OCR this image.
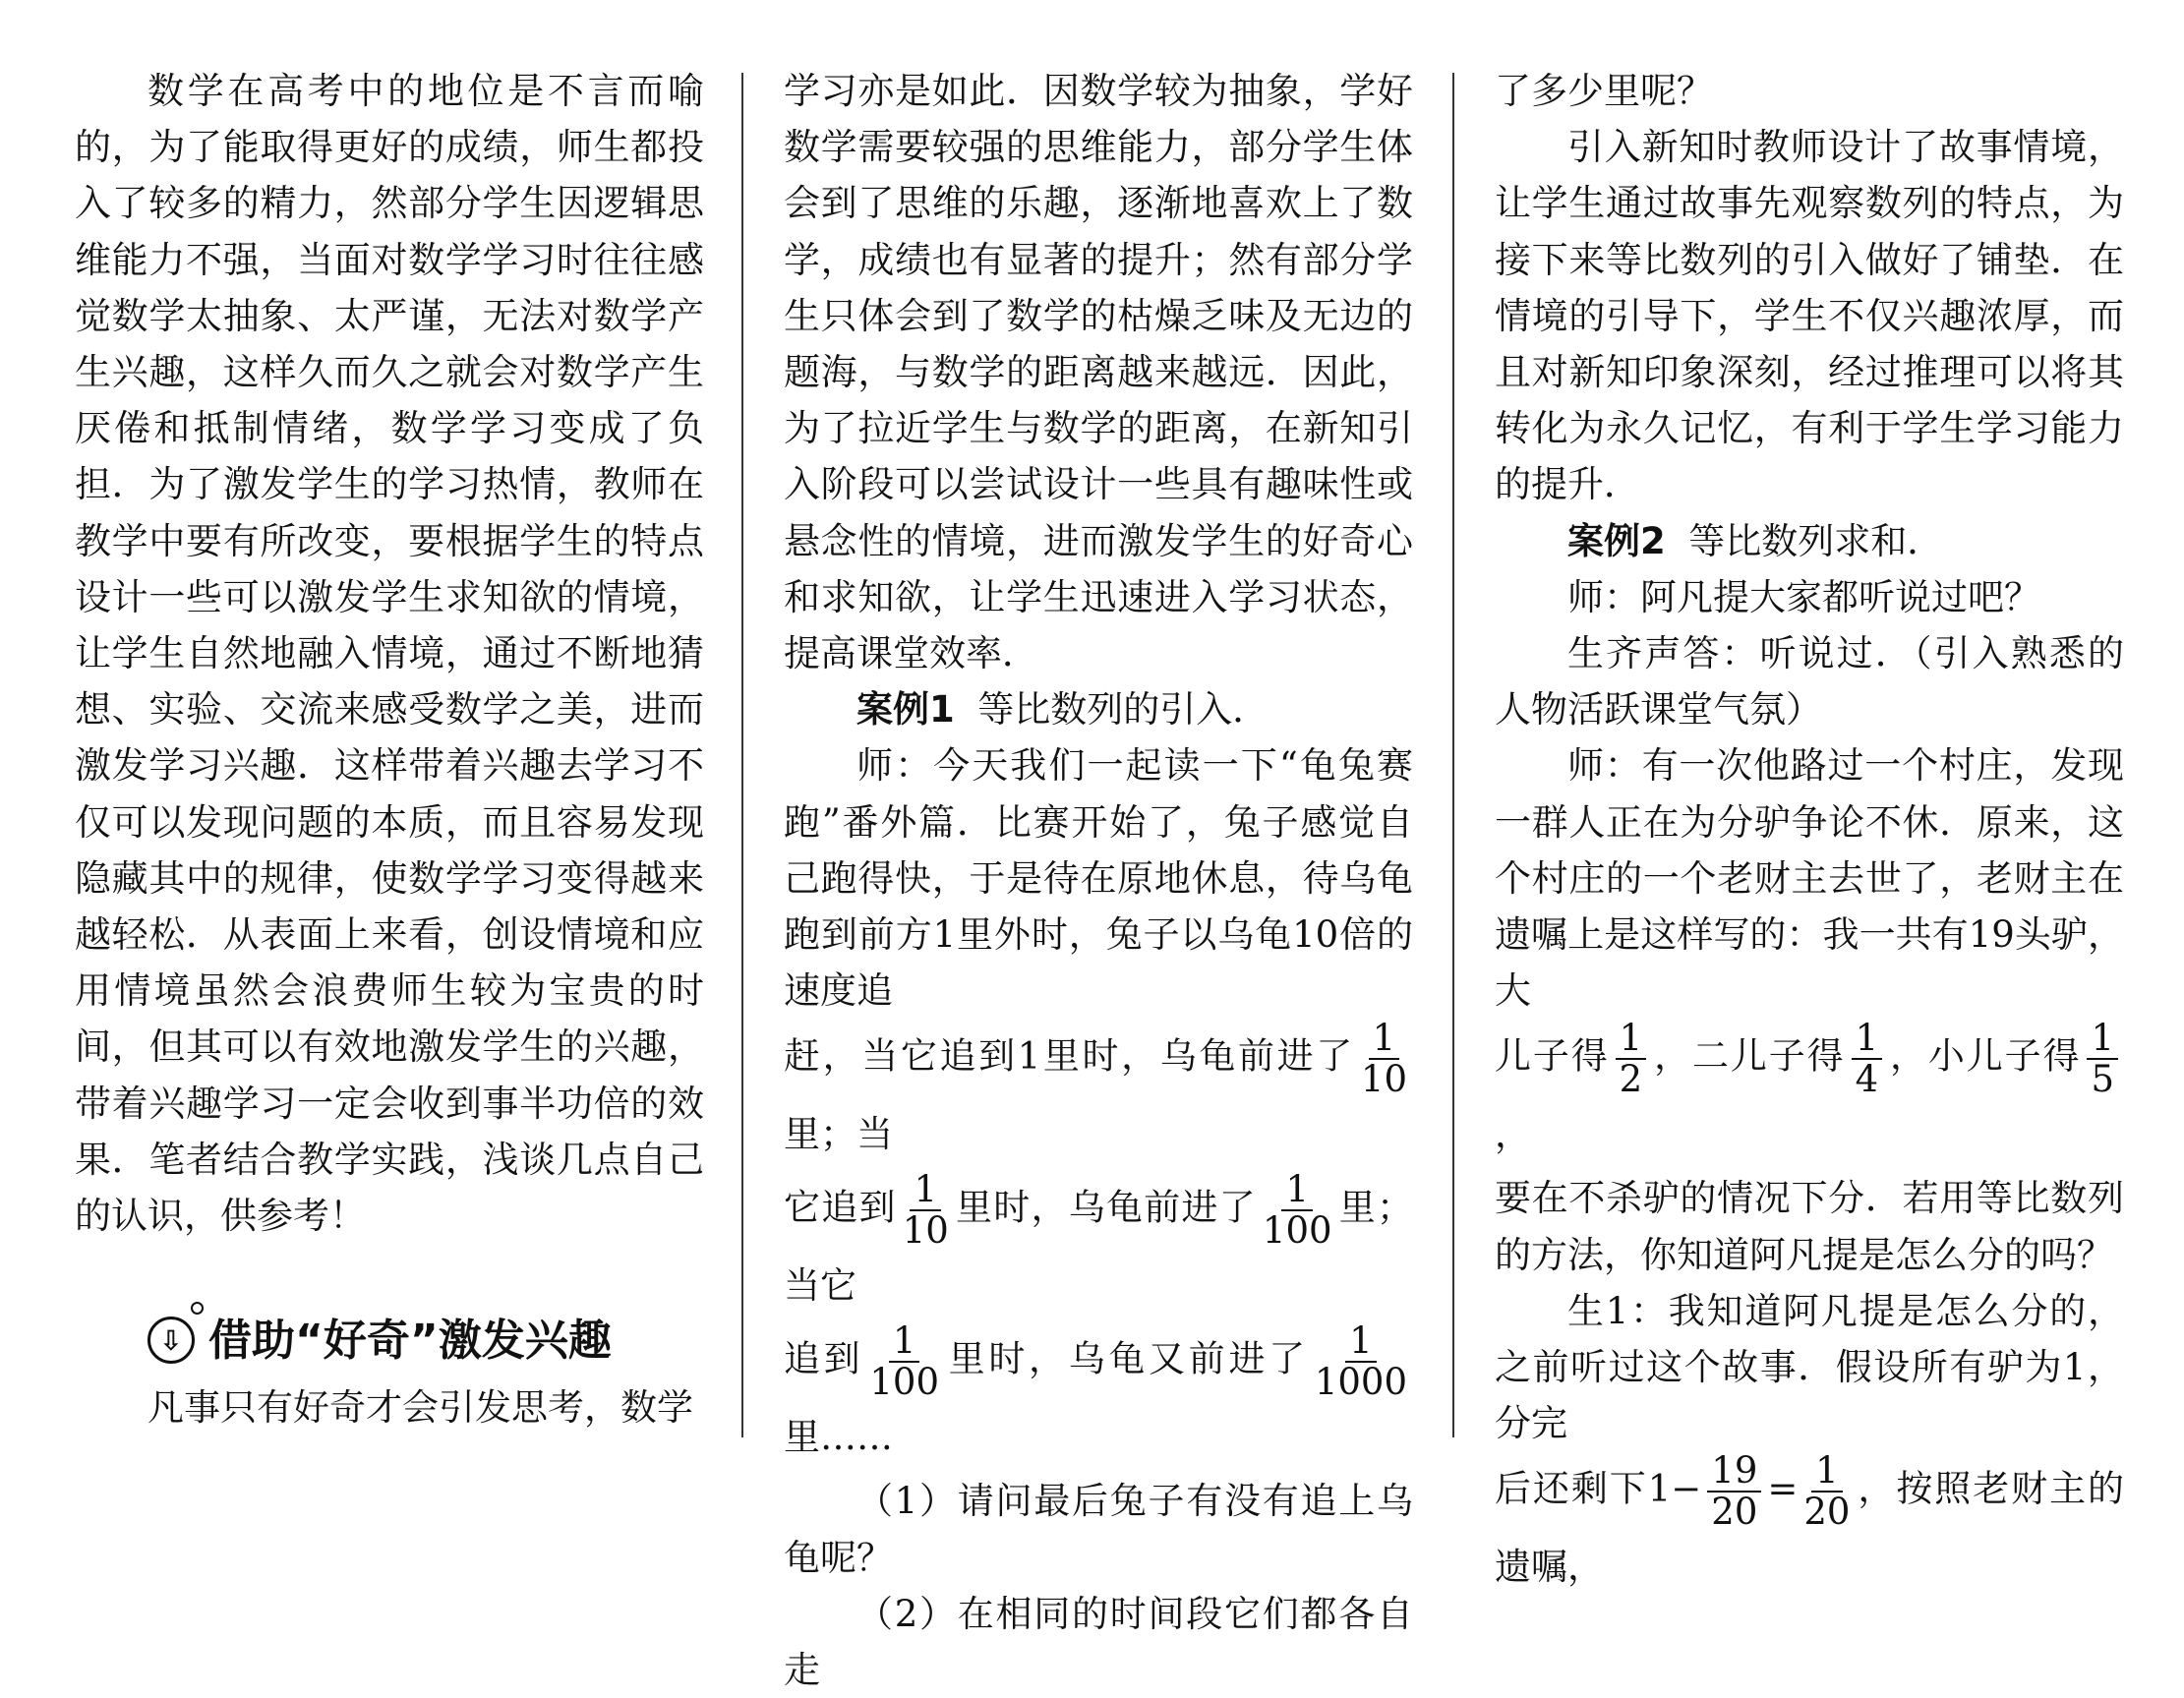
数学在高考中的地位是不言而喻的，为了能取得更好的成绩，师生都投入了较多的精力，然部分学生因逻辑思维能力不强，当面对数学学习时往往感觉数学太抽象、太严谨，无法对数学产生兴趣，这样久而久之就会对数学产生厌倦和抵制情绪，数学学习变成了负担．为了激发学生的学习热情，教师在教学中要有所改变，要根据学生的特点设计一些可以激发学生求知欲的情境，让学生自然地融入情境，通过不断地猜想、实验、交流来感受数学之美，进而激发学习兴趣．这样带着兴趣去学习不仅可以发现问题的本质，而且容易发现隐藏其中的规律，使数学学习变得越来越轻松．从表面上来看，创设情境和应用情境虽然会浪费师生较为宝贵的时间，但其可以有效地激发学生的兴趣，带着兴趣学习一定会收到事半功倍的效果．笔者结合教学实践，浅谈几点自己的认识，供参考！

⇩ 借助“好奇”激发兴趣

凡事只有好奇才会引发思考，数学

学习亦是如此．因数学较为抽象，学好数学需要较强的思维能力，部分学生体会到了思维的乐趣，逐渐地喜欢上了数学，成绩也有显著的提升；然有部分学生只体会到了数学的枯燥乏味及无边的题海，与数学的距离越来越远．因此，为了拉近学生与数学的距离，在新知引入阶段可以尝试设计一些具有趣味性或悬念性的情境，进而激发学生的好奇心和求知欲，让学生迅速进入学习状态，提高课堂效率．

案例1 等比数列的引入．

师：今天我们一起读一下“龟兔赛跑”番外篇．比赛开始了，兔子感觉自己跑得快，于是待在原地休息，待乌龟跑到前方1里外时，兔子以乌龟10倍的速度追

赶，当它追到1里时，乌龟前进了 $\frac{1}{10}$
里；当

它追到 $\frac{1}{10}$ 里时，乌龟前进了 $\frac{1}{100}$ 里；当它

追到 $\frac{1}{100}$ 里时，乌龟又前进了 $\frac{1}{1000}$
里……

（1）请问最后兔子有没有追上乌龟呢？

（2）在相同的时间段它们都各自走

了多少里呢？

引入新知时教师设计了故事情境，让学生通过故事先观察数列的特点，为接下来等比数列的引入做好了铺垫．在情境的引导下，学生不仅兴趣浓厚，而且对新知印象深刻，经过推理可以将其转化为永久记忆，有利于学生学习能力的提升．

案例2 等比数列求和．

师：阿凡提大家都听说过吧？

生齐声答：听说过．（引入熟悉的人物活跃课堂气氛）

师：有一次他路过一个村庄，发现一群人正在为分驴争论不休．原来，这个村庄的一个老财主去世了，老财主在遗嘱上是这样写的：我一共有19头驴，大

儿子得 $\frac{1}{2}$ ，二儿子得 $\frac{1}{4}$ ，小儿子得 $\frac{1}{5}$
，

要在不杀驴的情况下分．若用等比数列的方法，你知道阿凡提是怎么分的吗？

生1：我知道阿凡提是怎么分的，之前听过这个故事．假设所有驴为1，分完

后还剩下$1- \frac{19}{20} = \frac{1}{20}$ ，按照老财主的遗嘱，
